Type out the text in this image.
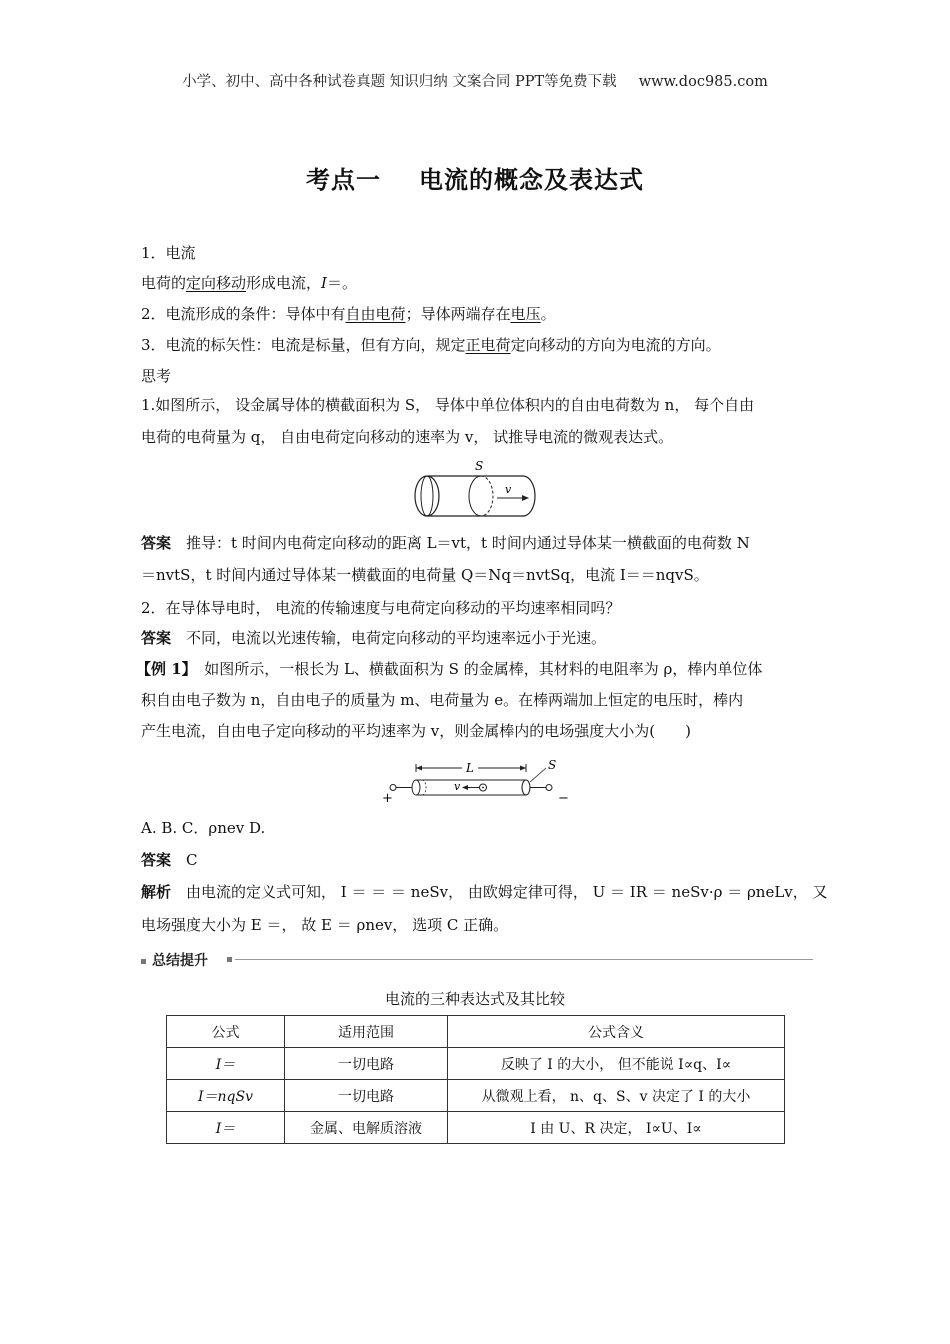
小学、初中、高中各种试卷真题 知识归纳 文案合同 PPT等免费下载 www.doc985.com
考点一 电流的概念及表达式
1．电流
电荷的定向移动形成电流，I＝。
2．电流形成的条件：导体中有自由电荷；导体两端存在电压。
3．电流的标矢性：电流是标量，但有方向，规定正电荷定向移动的方向为电流的方向。
思考
1.如图所示， 设金属导体的横截面积为 S， 导体中单位体积内的自由电荷数为 n， 每个自由
电荷的电荷量为 q， 自由电荷定向移动的速率为 v， 试推导电流的微观表达式。
S
v
答案　 推导：t 时间内电荷定向移动的距离 L＝vt，t 时间内通过导体某一横截面的电荷数 N
＝nvtS，t 时间内通过导体某一横截面的电荷量 Q＝Nq＝nvtSq，电流 I＝＝nqvS。
2．在导体导电时， 电流的传输速度与电荷定向移动的平均速率相同吗？
答案　 不同，电流以光速传输，电荷定向移动的平均速率远小于光速。
【例 1】　 如图所示，一根长为 L、横截面积为 S 的金属棒，其材料的电阻率为 ρ，棒内单位体
积自由电子数为 n，自由电子的质量为 m、电荷量为 e。在棒两端加上恒定的电压时，棒内
产生电流，自由电子定向移动的平均速率为 v，则金属棒内的电场强度大小为(　　)
L
v
S
+	−
A. B. C．ρnev D.
答案　 C
解析　 由电流的定义式可知， I ＝ ＝ ＝ neSv， 由欧姆定律可得， U ＝ IR ＝ neSv·ρ ＝ ρneLv， 又
电场强度大小为 E ＝， 故 E ＝ ρnev， 选项 C 正确。
总结提升
电流的三种表达式及其比较
公式	适用范围	公式含义
I＝	一切电路	反映了 I 的大小， 但不能说 I∝q、I∝
I＝nqSv	一切电路	从微观上看， n、q、S、v 决定了 I 的大小
I＝	金属、电解质溶液	I 由 U、R 决定， I∝U、I∝
